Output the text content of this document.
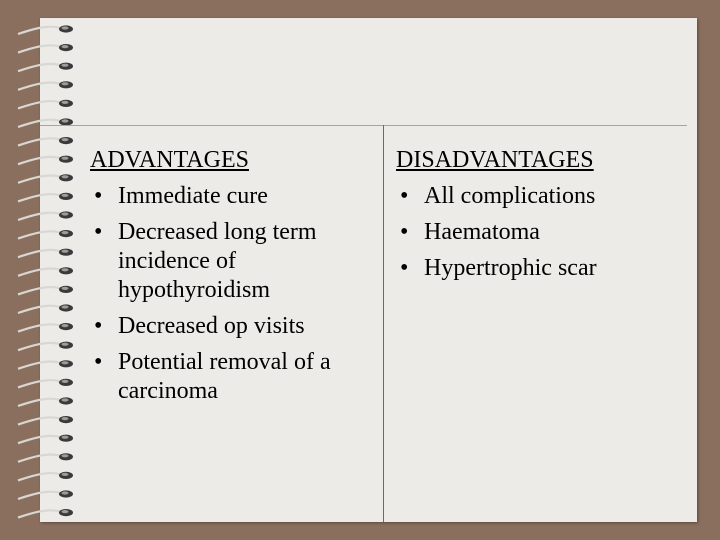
ADVANTAGES
• Immediate cure
• Decreased long term incidence of hypothyroidism
• Decreased op visits
• Potential removal of a carcinoma
DISADVANTAGES
• All complications
• Haematoma
• Hypertrophic scar
